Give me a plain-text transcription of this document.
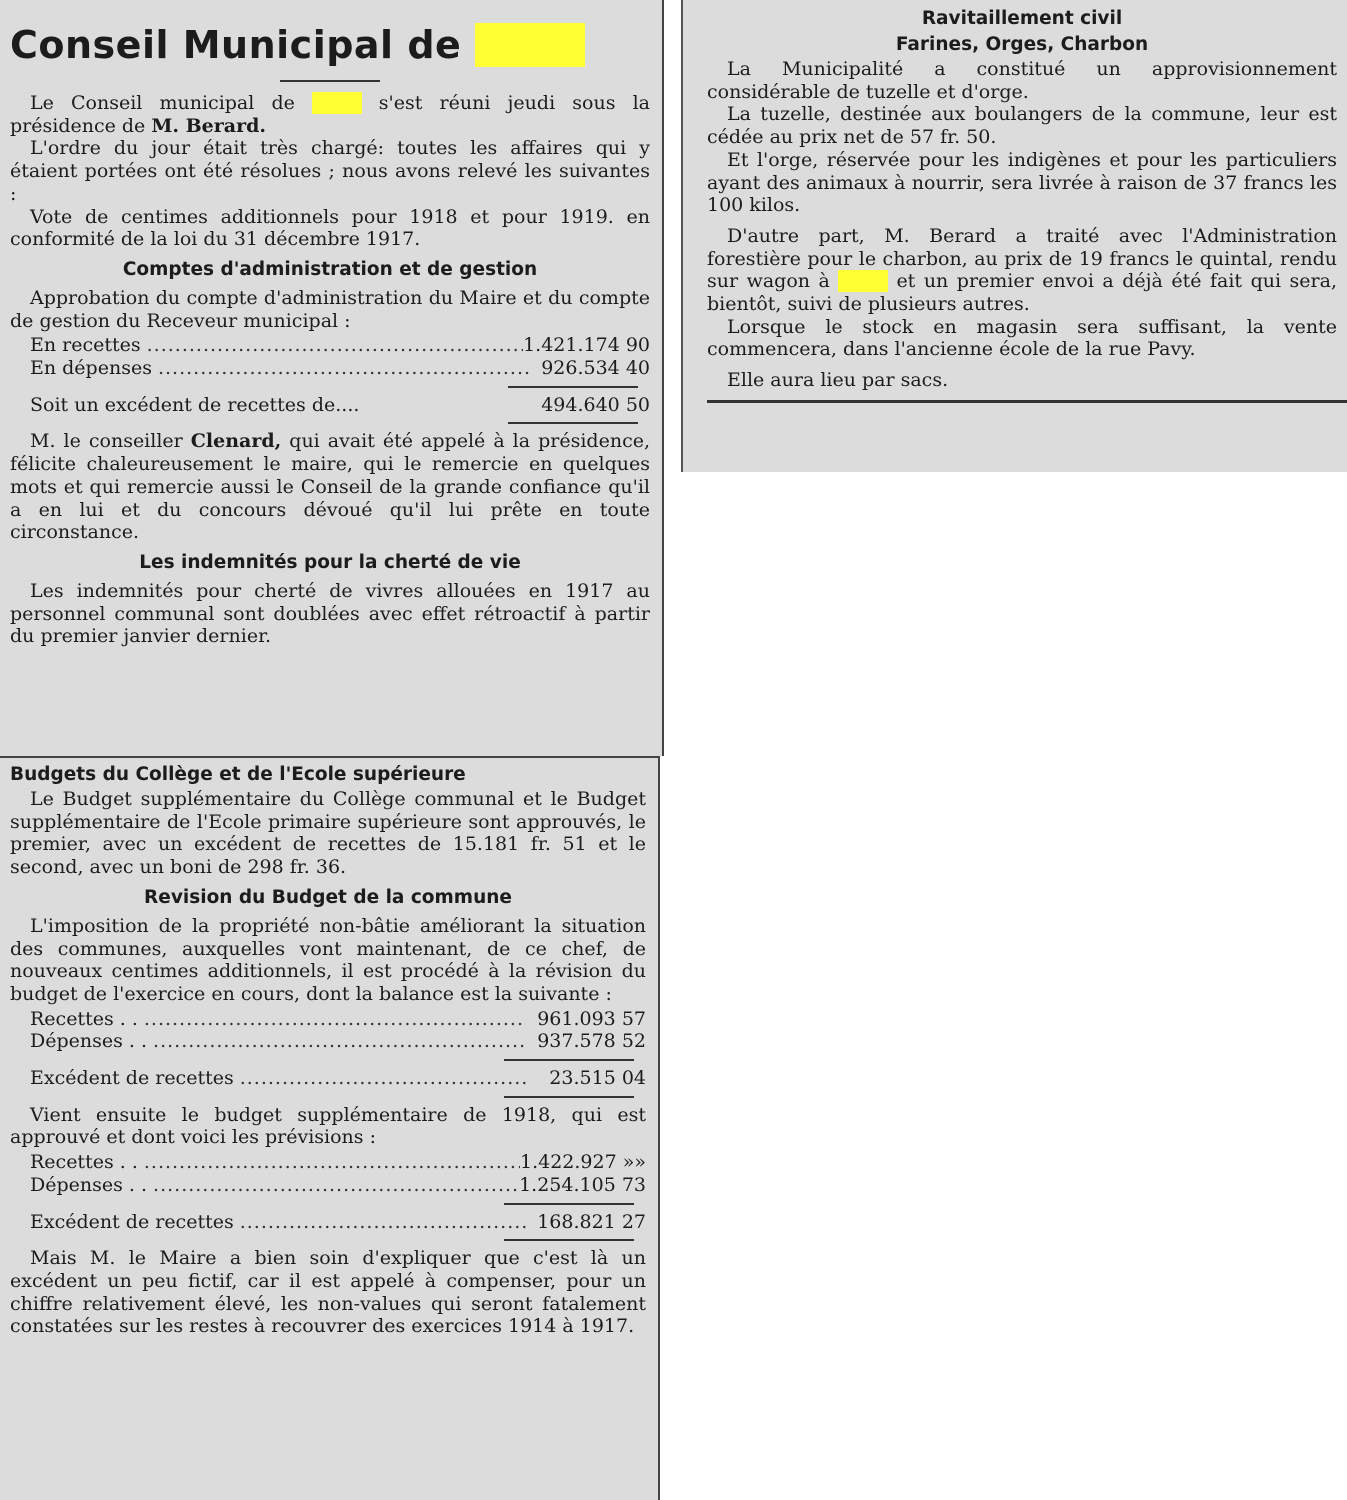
Conseil Municipal de

Le Conseil municipal de	s'est réuni jeudi sous la présidence de M. Berard.

L'ordre du jour était très chargé: toutes les affaires qui y étaient portées ont été résolues ; nous avons relevé les suivantes :

Vote de centimes additionnels pour 1918 et pour 1919. en conformité de la loi du 31 décembre 1917.

Comptes d'administration et de gestion

Approbation du compte d'administration du Maire et du compte de gestion du Receveur municipal :

En recettes .....	1.421.174 90
En dépenses .....	926.534 40
Soit un excédent de recettes de....	494.640 50

M. le conseiller Clenard, qui avait été appelé à la présidence, félicite chaleureusement le maire, qui le remercie en quelques mots et qui remercie aussi le Conseil de la grande confiance qu'il a en lui et du concours dévoué qu'il lui prête en toute circonstance.

Les indemnités pour la cherté de vie

Les indemnités pour cherté de vivres allouées en 1917 au personnel communal sont doublées avec effet rétroactif à partir du premier janvier dernier.

Ravitaillement civil
Farines, Orges, Charbon

La Municipalité a constitué un approvisionnement considérable de tuzelle et d'orge.

La tuzelle, destinée aux boulangers de la commune, leur est cédée au prix net de 57 fr. 50.

Et l'orge, réservée pour les indigènes et pour les particuliers ayant des animaux à nourrir, sera livrée à raison de 37 francs les 100 kilos.

D'autre part, M. Berard a traité avec l'Administration forestière pour le charbon, au prix de 19 francs le quintal, rendu sur wagon à	et un premier envoi a déjà été fait qui sera, bientôt, suivi de plusieurs autres.

Lorsque le stock en magasin sera suffisant, la vente commencera, dans l'ancienne école de la rue Pavy.

Elle aura lieu par sacs.

Budgets du Collège et de l'Ecole supérieure

Le Budget supplémentaire du Collège communal et le Budget supplémentaire de l'Ecole primaire supérieure sont approuvés, le premier, avec un excédent de recettes de 15.181 fr. 51 et le second, avec un boni de 298 fr. 36.

Revision du Budget de la commune

L'imposition de la propriété non-bâtie améliorant la situation des communes, auxquelles vont maintenant, de ce chef, de nouveaux centimes additionnels, il est procédé à la révision du budget de l'exercice en cours, dont la balance est la suivante :

Recettes . . .....	961.093 57
Dépenses . . .....	937.578 52
Excédent de recettes .....	23.515 04

Vient ensuite le budget supplémentaire de 1918, qui est approuvé et dont voici les prévisions :

Recettes . . .....	1.422.927 »»
Dépenses . . .....	1.254.105 73
Excédent de recettes .....	168.821 27

Mais M. le Maire a bien soin d'expliquer que c'est là un excédent un peu fictif, car il est appelé à compenser, pour un chiffre relativement élevé, les non-values qui seront fatalement constatées sur les restes à recouvrer des exercices 1914 à 1917.
